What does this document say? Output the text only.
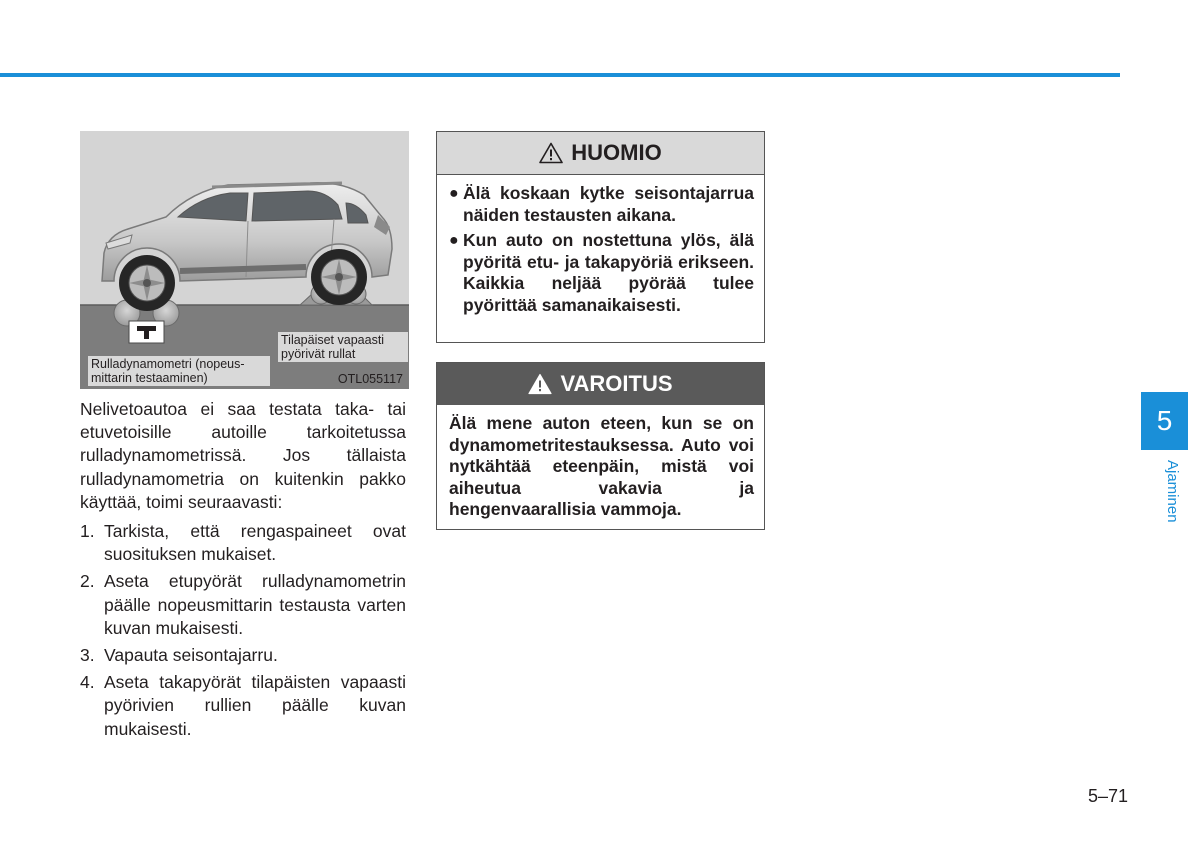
Rulladynamometri (nopeus-mittarin testaaminen)
Tilapäiset vapaasti pyörivät rullat
OTL055117

Nelivetoautoa ei saa testata taka- tai etuvetoisille autoille tarkoitetussa rulladynamometrissä. Jos tällaista rulladynamometria on kuitenkin pakko käyttää, toimi seuraavasti:

1. Tarkista, että rengaspaineet ovat suosituksen mukaiset.
2. Aseta etupyörät rulladynamometrin päälle nopeusmittarin testausta varten kuvan mukaisesti.
3. Vapauta seisontajarru.
4. Aseta takapyörät tilapäisten vapaasti pyörivien rullien päälle kuvan mukaisesti.
HUOMIO
● Älä koskaan kytke seisontajarrua näiden testausten aikana.
● Kun auto on nostettuna ylös, älä pyöritä etu- ja takapyöriä erikseen. Kaikkia neljää pyörää tulee pyörittää samanaikaisesti.
VAROITUS

Älä mene auton eteen, kun se on dynamometritestauksessa. Auto voi nytkähtää eteenpäin, mistä voi aiheutua vakavia ja hengenvaarallisia vammoja.

5
Ajaminen
5–71
